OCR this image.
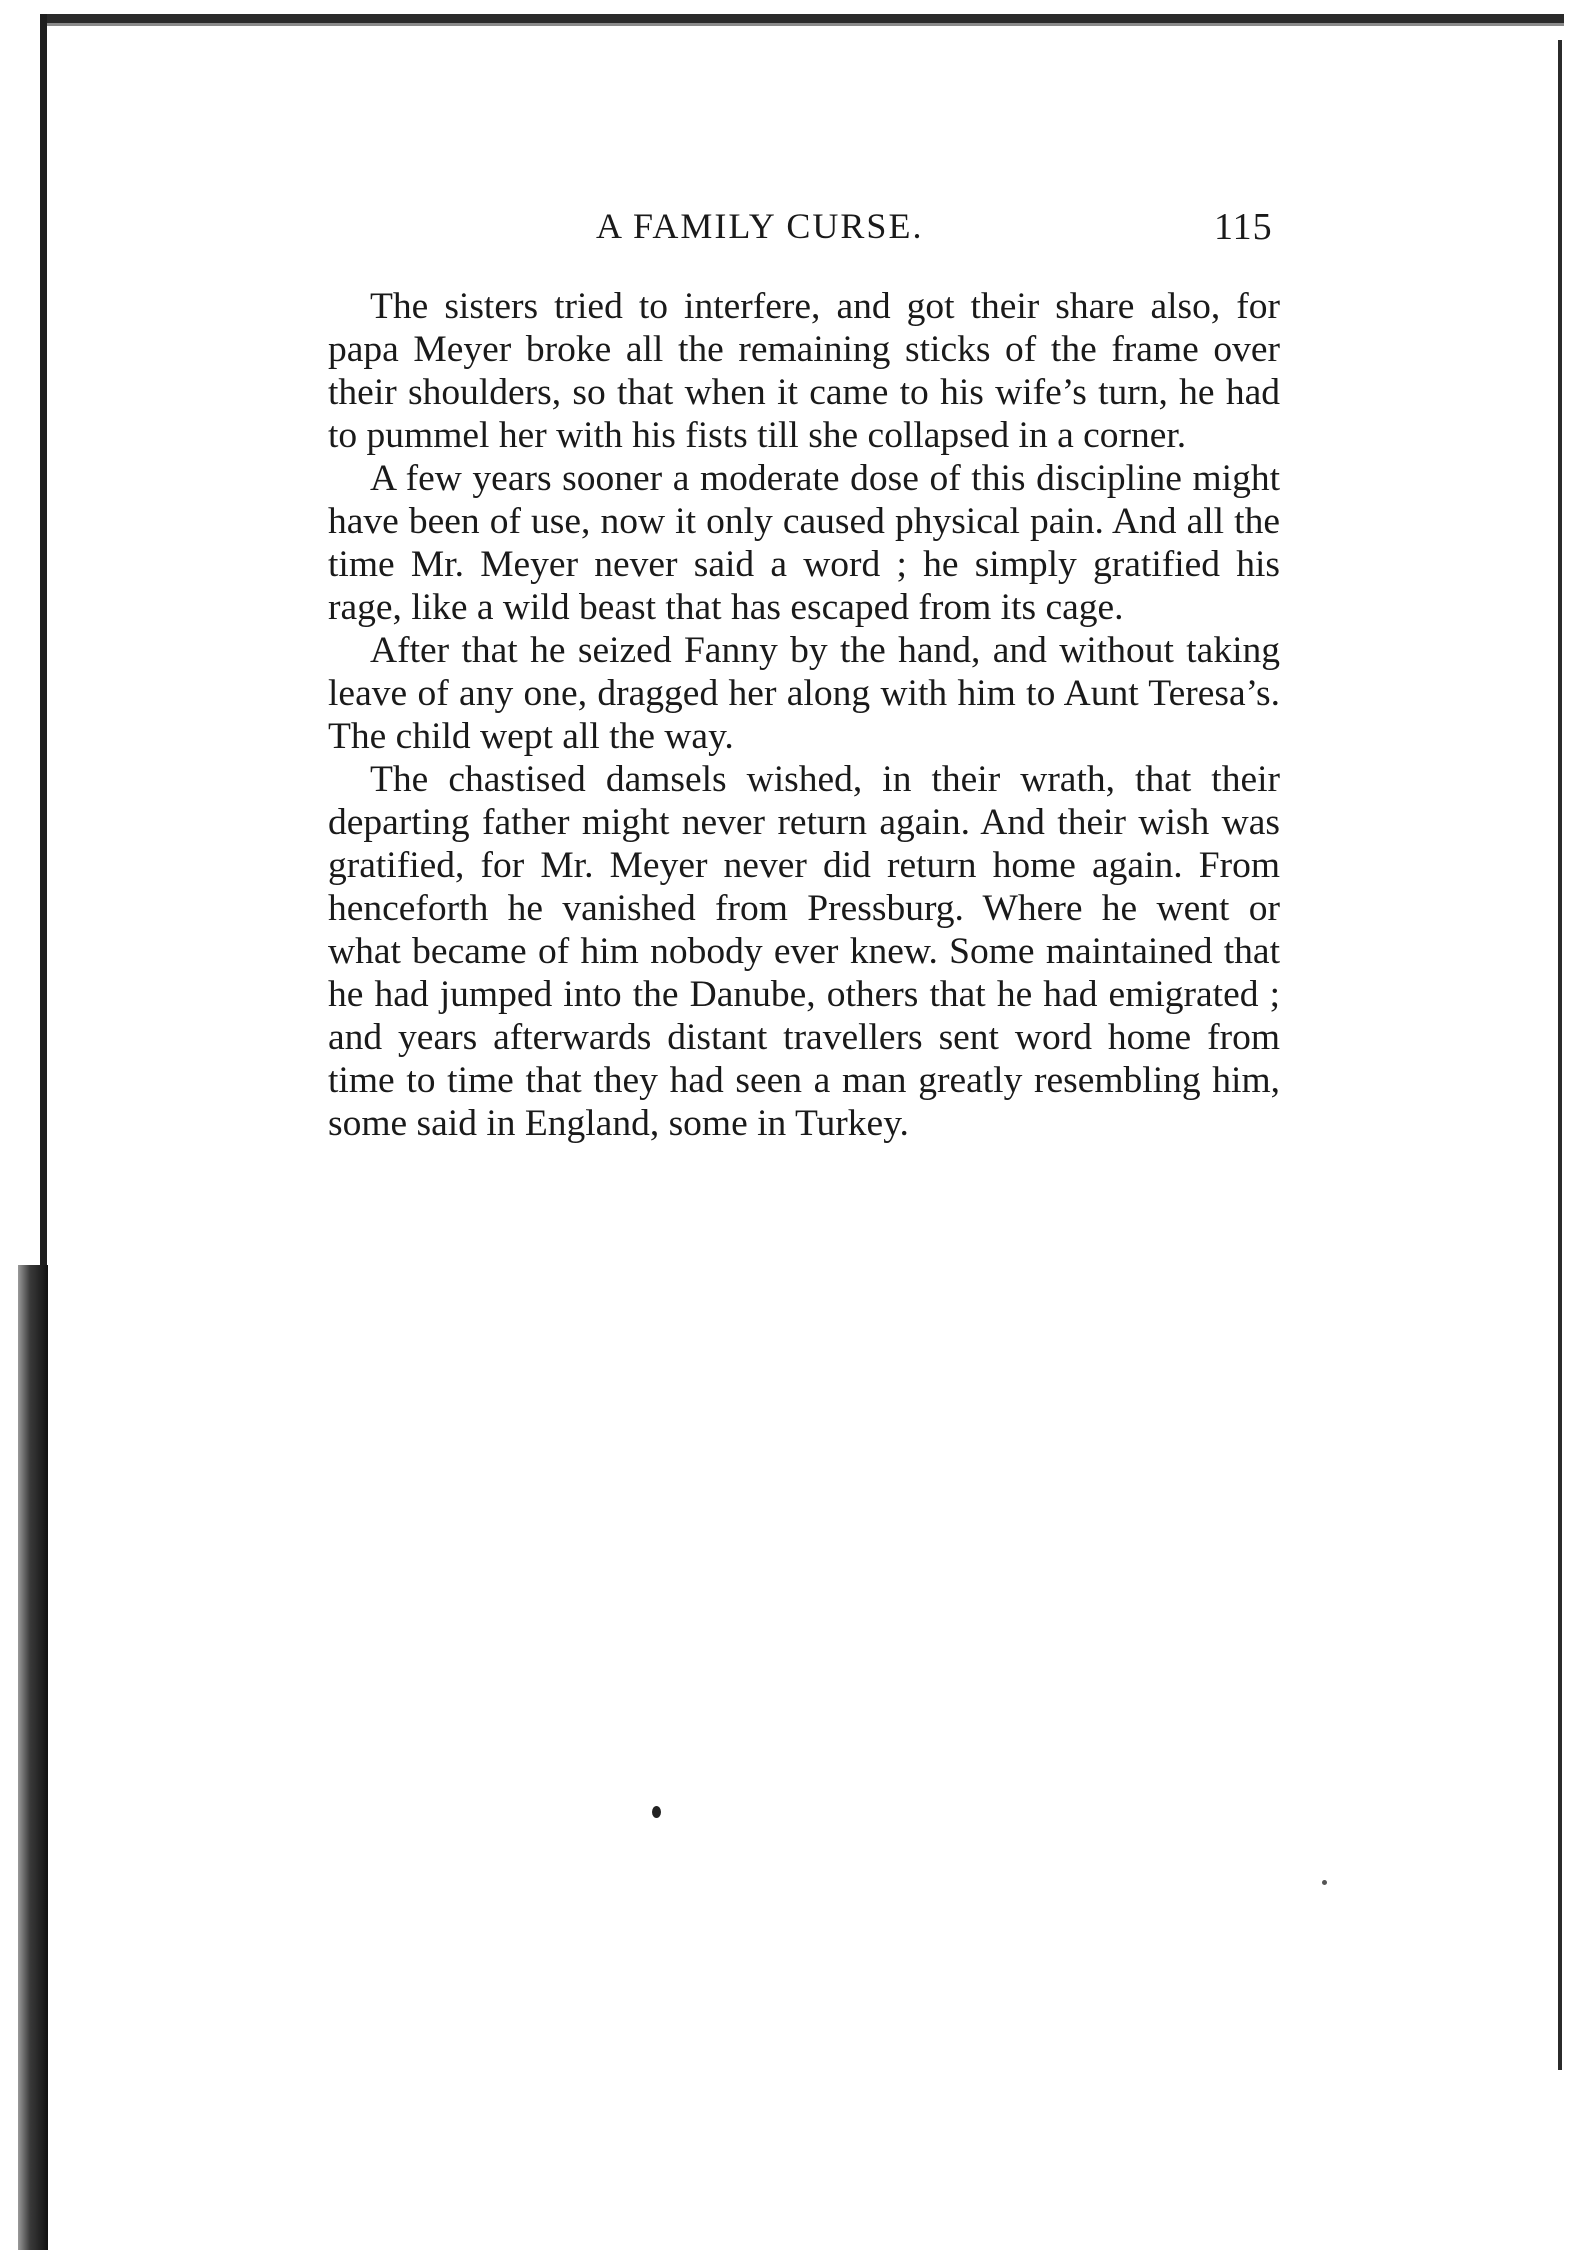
A FAMILY CURSE.	115

The sisters tried to interfere, and got their share also, for papa Meyer broke all the remaining sticks of the frame over their shoulders, so that when it came to his wife’s turn, he had to pummel her with his fists till she collapsed in a corner.

A few years sooner a moderate dose of this discipline might have been of use, now it only caused physical pain. And all the time Mr. Meyer never said a word ; he simply gratified his rage, like a wild beast that has escaped from its cage.

After that he seized Fanny by the hand, and without taking leave of any one, dragged her along with him to Aunt Teresa’s. The child wept all the way.

The chastised damsels wished, in their wrath, that their departing father might never return again. And their wish was gratified, for Mr. Meyer never did return home again. From henceforth he vanished from Pressburg. Where he went or what became of him nobody ever knew. Some maintained that he had jumped into the Danube, others that he had emigrated ; and years afterwards distant travellers sent word home from time to time that they had seen a man greatly resembling him, some said in England, some in Turkey.
